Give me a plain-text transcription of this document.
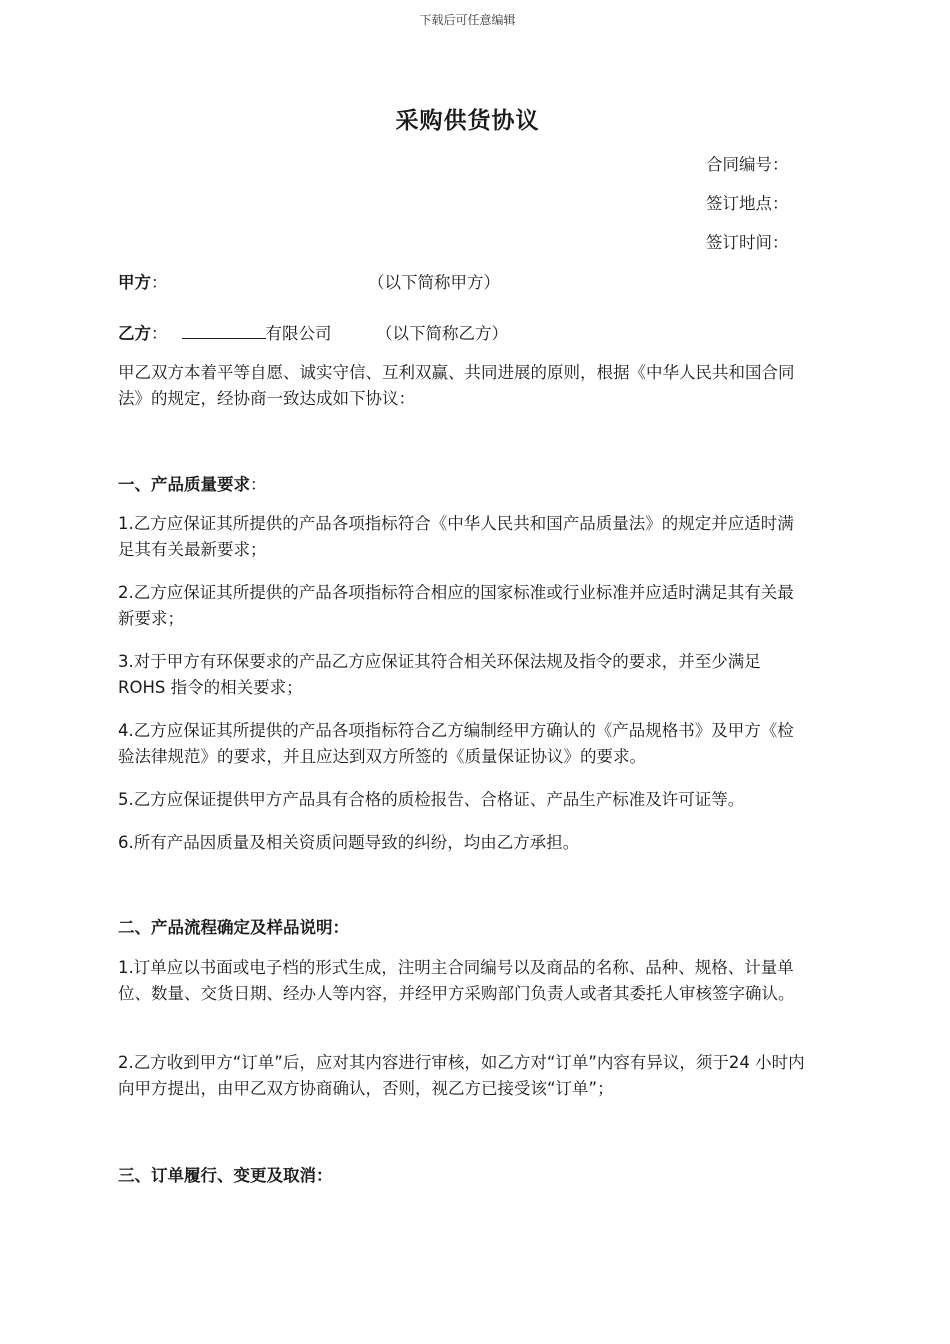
下载后可任意编辑
采购供货协议
合同编号：
签订地点：
签订时间：
甲方：	（以下简称甲方）
乙方：	有限公司	（以下简称乙方）

甲乙双方本着平等自愿、诚实守信、互利双赢、共同进展的原则，根据《中华人民共和国合同法》的规定，经协商一致达成如下协议：

一、产品质量要求：

1.乙方应保证其所提供的产品各项指标符合《中华人民共和国产品质量法》的规定并应适时满足其有关最新要求；

2.乙方应保证其所提供的产品各项指标符合相应的国家标准或行业标准并应适时满足其有关最新要求；

3.对于甲方有环保要求的产品乙方应保证其符合相关环保法规及指令的要求，并至少满足ROHS 指令的相关要求；

4.乙方应保证其所提供的产品各项指标符合乙方编制经甲方确认的《产品规格书》及甲方《检验法律规范》的要求，并且应达到双方所签的《质量保证协议》的要求。

5.乙方应保证提供甲方产品具有合格的质检报告、合格证、产品生产标准及许可证等。

6.所有产品因质量及相关资质问题导致的纠纷，均由乙方承担。

二、产品流程确定及样品说明：

1.订单应以书面或电子档的形式生成，注明主合同编号以及商品的名称、品种、规格、计量单位、数量、交货日期、经办人等内容，并经甲方采购部门负责人或者其委托人审核签字确认。

2.乙方收到甲方“订单”后，应对其内容进行审核，如乙方对“订单”内容有异议，须于24 小时内向甲方提出，由甲乙双方协商确认，否则，视乙方已接受该“订单”；

三、订单履行、变更及取消：
